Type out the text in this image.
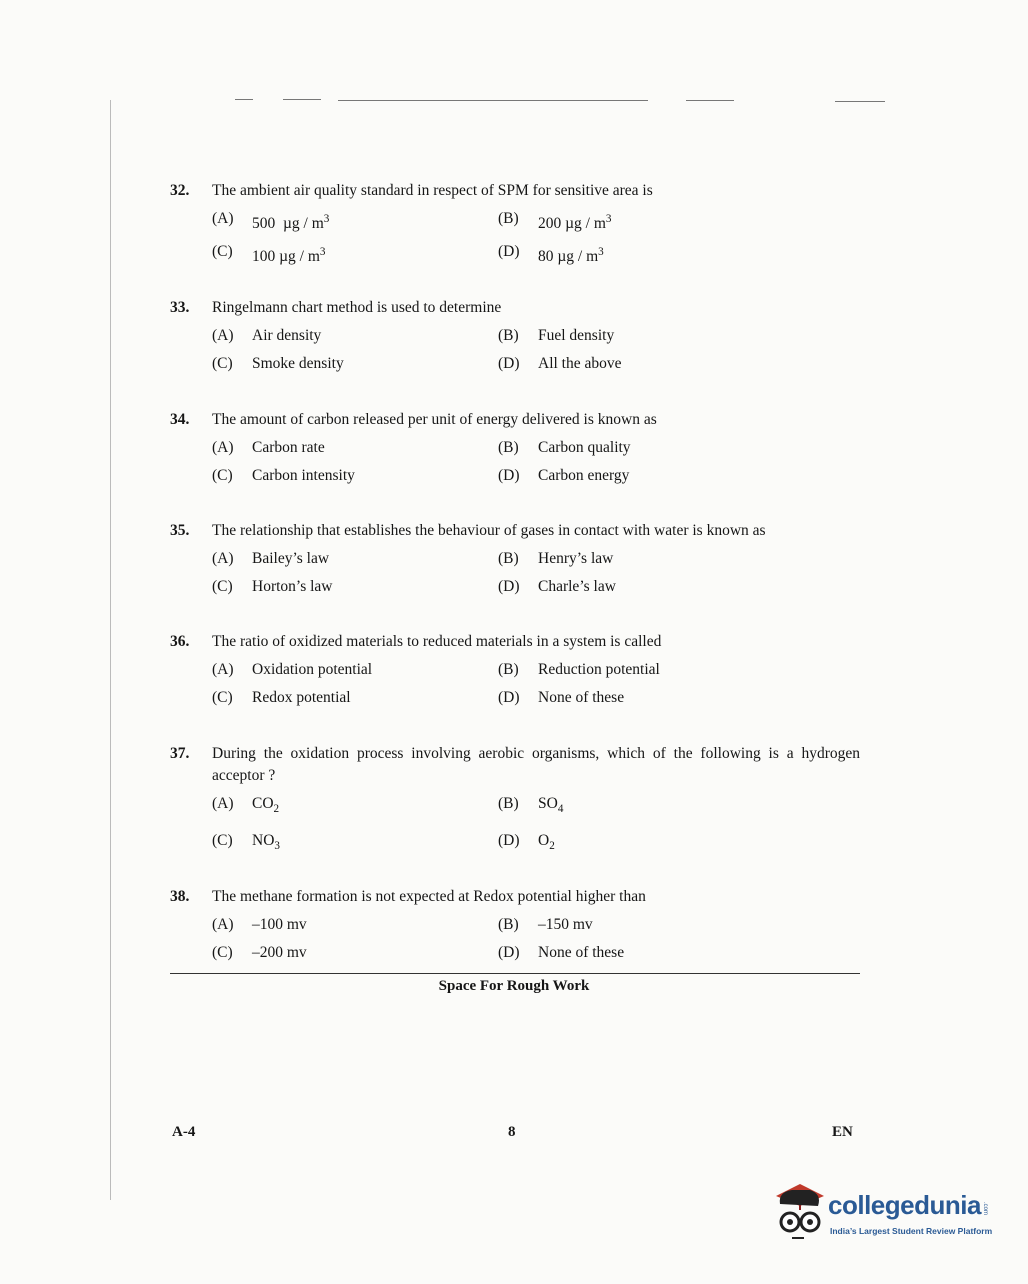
32.	The ambient air quality standard in respect of SPM for sensitive area is
(A)	500 µg / $m^3$	(B)	200 µg / $m^3$
(C)	100 µg / $m^3$	(D)	80 µg / $m^3$
33.	Ringelmann chart method is used to determine
(A)	Air density	(B)	Fuel density
(C)	Smoke density	(D)	All the above
34.	The amount of carbon released per unit of energy delivered is known as
(A)	Carbon rate	(B)	Carbon quality
(C)	Carbon intensity	(D)	Carbon energy
35.	The relationship that establishes the behaviour of gases in contact with water is known as
(A)	Bailey’s law	(B)	Henry’s law
(C)	Horton’s law	(D)	Charle’s law
36.	The ratio of oxidized materials to reduced materials in a system is called
(A)	Oxidation potential	(B)	Reduction potential
(C)	Redox potential	(D)	None of these
37.	During the oxidation process involving aerobic organisms, which of the following is a hydrogen acceptor ?
(A)	$CO_2$	(B)	$SO_4$
(C)	$NO_3$	(D)	$O_2$
38.	The methane formation is not expected at Redox potential higher than
(A)	–100 mv	(B)	–150 mv
(C)	–200 mv	(D)	None of these
Space For Rough Work
A-4	8	EN
collegedunia .com
India’s Largest Student Review Platform
